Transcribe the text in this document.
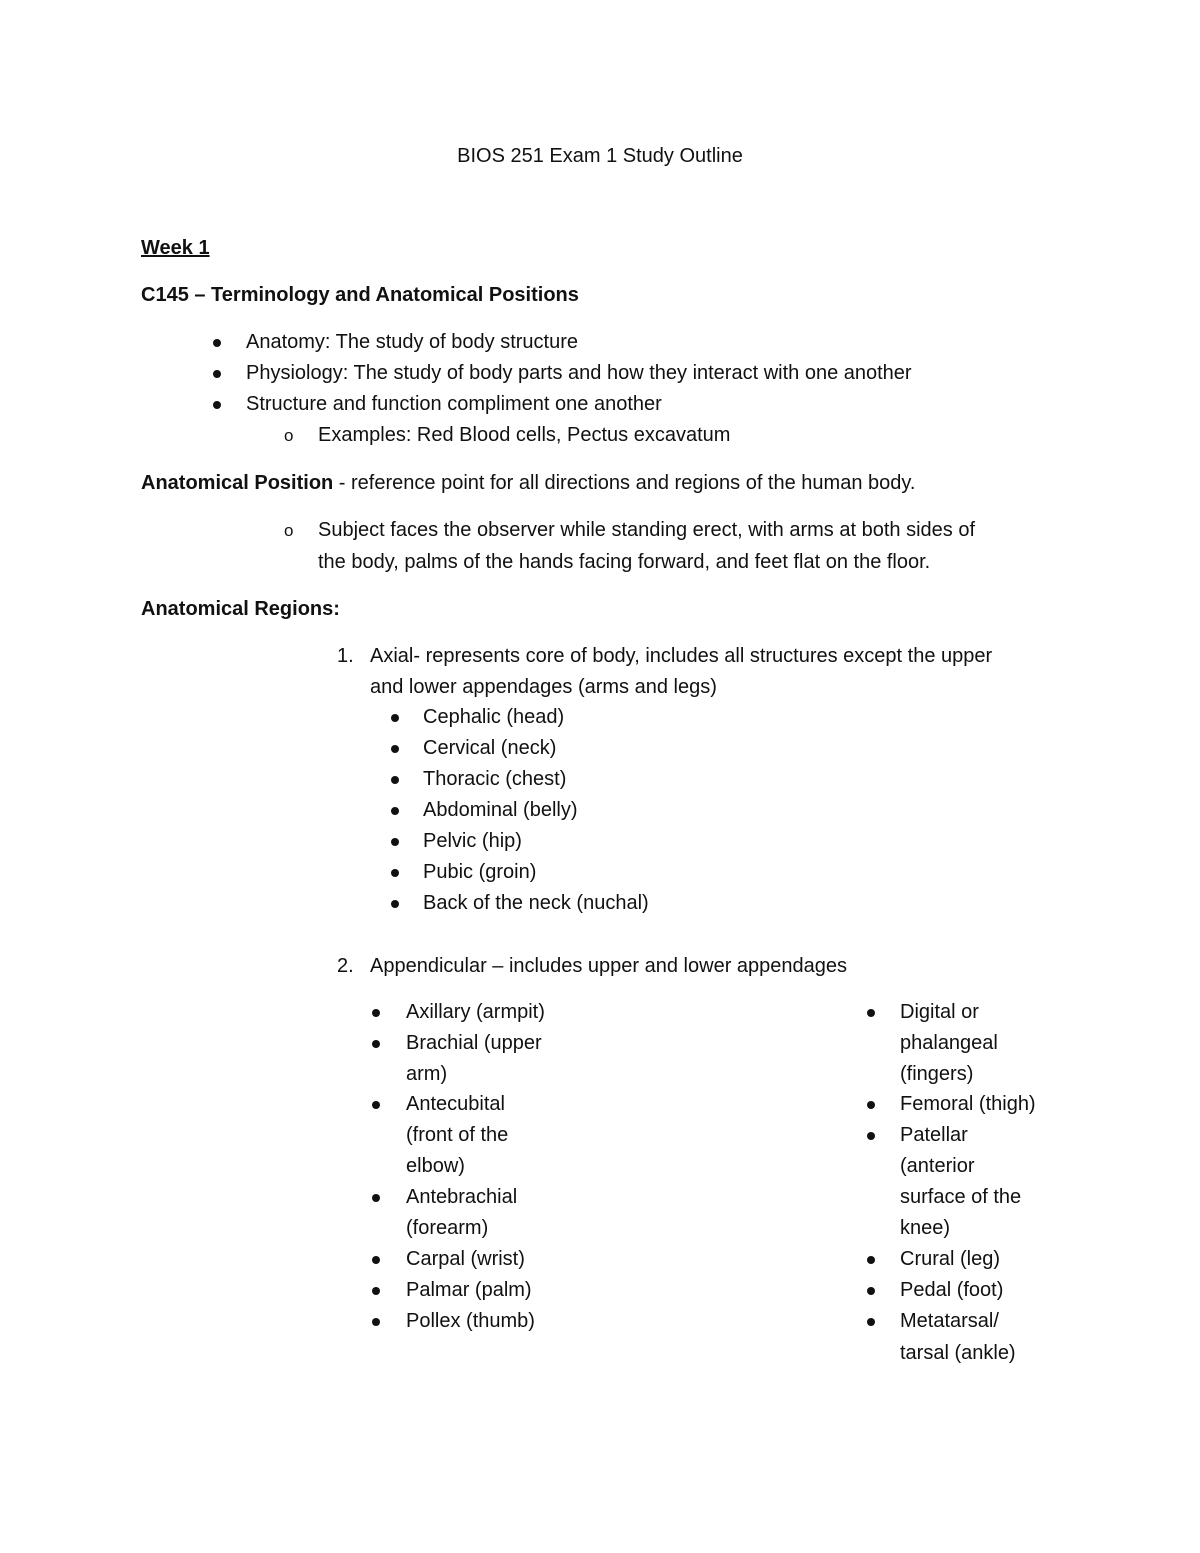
BIOS 251 Exam 1 Study Outline
Week 1
C145 – Terminology and Anatomical Positions
Anatomy: The study of body structure
Physiology: The study of body parts and how they interact with one another
Structure and function compliment one another
o Examples: Red Blood cells, Pectus excavatum
Anatomical Position - reference point for all directions and regions of the human body.
o Subject faces the observer while standing erect, with arms at both sides of
the body, palms of the hands facing forward, and feet flat on the floor.
Anatomical Regions:
1. Axial- represents core of body, includes all structures except the upper
and lower appendages (arms and legs)
Cephalic (head)
Cervical (neck)
Thoracic (chest)
Abdominal (belly)
Pelvic (hip)
Pubic (groin)
Back of the neck (nuchal)
2. Appendicular – includes upper and lower appendages
Axillary (armpit)
Brachial (upper
arm)
Antecubital
(front of the
elbow)
Antebrachial
(forearm)
Carpal (wrist)
Palmar (palm)
Pollex (thumb)
Digital or
phalangeal
(fingers)
Femoral (thigh)
Patellar
(anterior
surface of the
knee)
Crural (leg)
Pedal (foot)
Metatarsal/
tarsal (ankle)
